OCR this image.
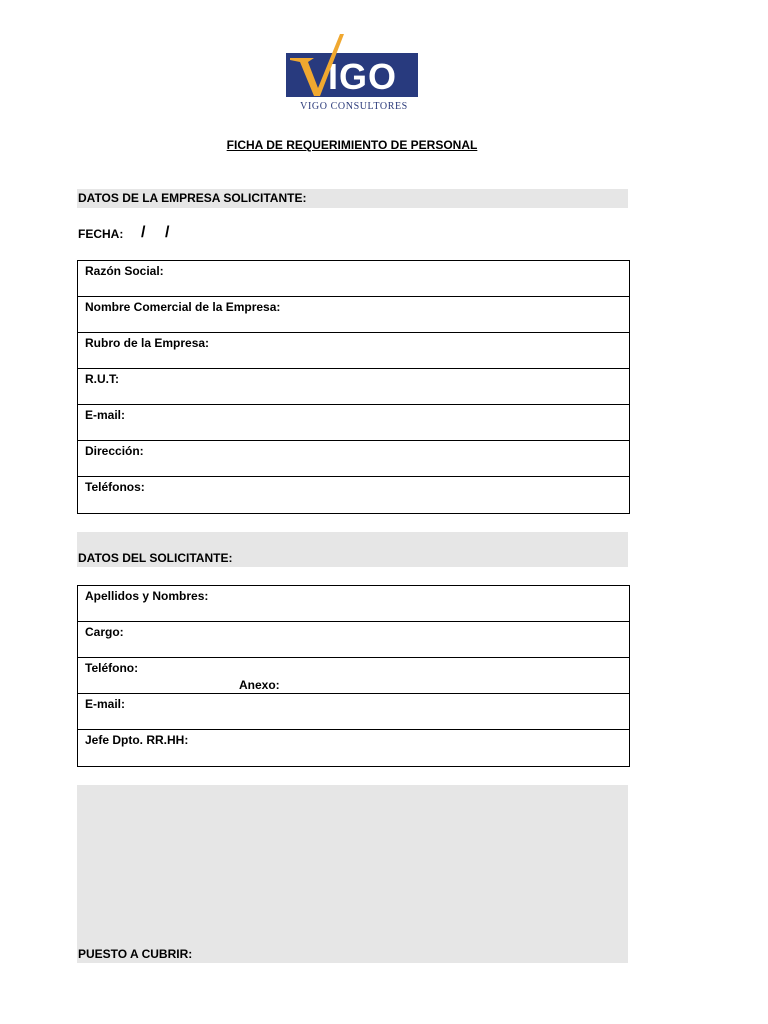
IGO
VIGO CONSULTORES
FICHA DE REQUERIMIENTO DE PERSONAL
DATOS DE LA EMPRESA SOLICITANTE:
FECHA: / /
Razón Social:
Nombre Comercial de la Empresa:
Rubro de la Empresa:
R.U.T:
E-mail:
Dirección:
Teléfonos:
DATOS DEL SOLICITANTE:
Apellidos y Nombres:
Cargo:
Teléfono:
Anexo:
E-mail:
Jefe Dpto. RR.HH:
PUESTO A CUBRIR:
